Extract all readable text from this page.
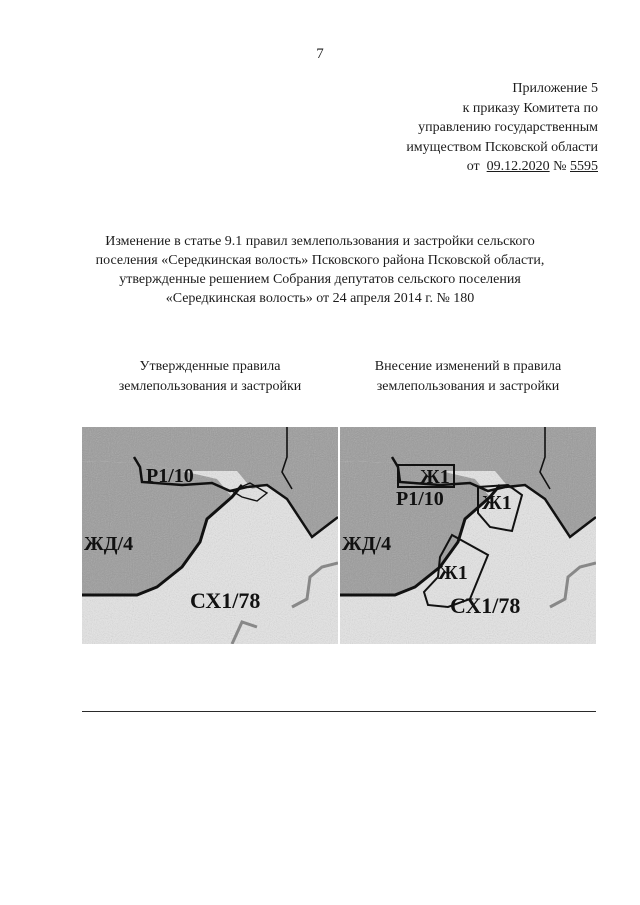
7
Приложение 5
к приказу Комитета по
управлению государственным
имуществом Псковской области
от 09.12.2020 № 5595
Изменение в статье 9.1 правил землепользования и застройки сельского
поселения «Середкинская волость» Псковского района Псковской области,
утвержденные решением Собрания депутатов сельского поселения
«Середкинская волость» от 24 апреля 2014 г. № 180
Утвержденные правила
землепользования и застройки
Внесение изменений в правила
землепользования и застройки
Р1/10
ЖД/4
СХ1/78
Ж1
Р1/10 Ж1
ЖД/4
Ж1
СХ1/78
